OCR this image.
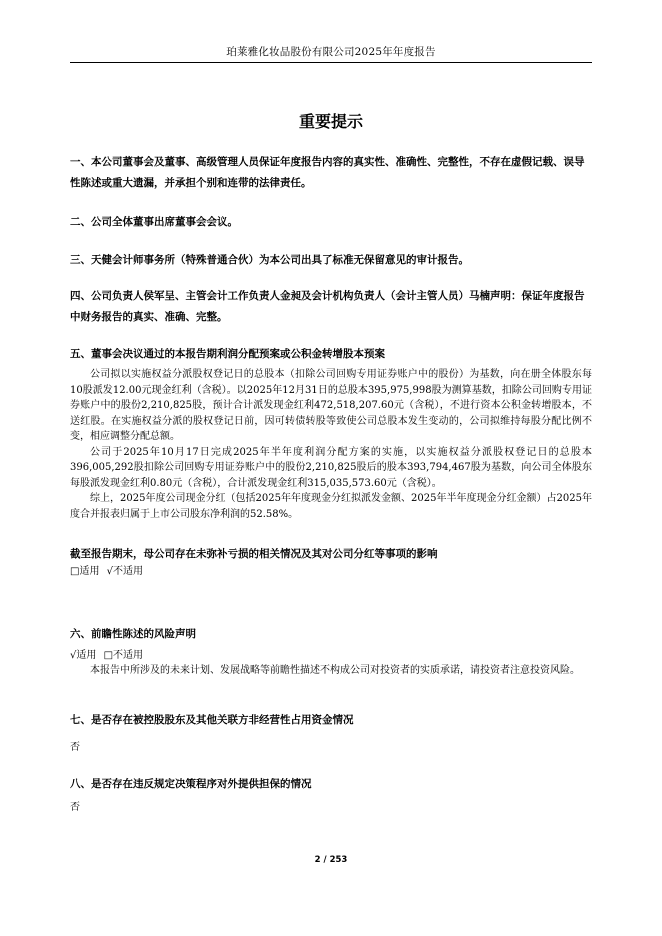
珀莱雅化妆品股份有限公司2025年年度报告
重要提示

一、本公司董事会及董事、高级管理人员保证年度报告内容的真实性、准确性、完整性，不存在虚假记载、误导性陈述或重大遗漏，并承担个别和连带的法律责任。

二、公司全体董事出席董事会会议。

三、天健会计师事务所（特殊普通合伙）为本公司出具了标准无保留意见的审计报告。

四、公司负责人侯军呈、主管会计工作负责人金昶及会计机构负责人（会计主管人员）马楠声明：保证年度报告中财务报告的真实、准确、完整。

五、董事会决议通过的本报告期利润分配预案或公积金转增股本预案

公司拟以实施权益分派股权登记日的总股本（扣除公司回购专用证券账户中的股份）为基数，向在册全体股东每10股派发12.00元现金红利（含税）。以2025年12月31日的总股本395,975,998股为测算基数，扣除公司回购专用证券账户中的股份2,210,825股，预计合计派发现金红利472,518,207.60元（含税），不进行资本公积金转增股本，不送红股。在实施权益分派的股权登记日前，因可转债转股等致使公司总股本发生变动的，公司拟维持每股分配比例不变，相应调整分配总额。

公司于2025年10月17日完成2025年半年度利润分配方案的实施，以实施权益分派股权登记日的总股本396,005,292股扣除公司回购专用证券账户中的股份2,210,825股后的股本393,794,467股为基数，向公司全体股东每股派发现金红利0.80元（含税），合计派发现金红利315,035,573.60元（含税）。

综上，2025年度公司现金分红（包括2025年年度现金分红拟派发金额、2025年半年度现金分红金额）占2025年度合并报表归属于上市公司股东净利润的52.58%。

截至报告期末，母公司存在未弥补亏损的相关情况及其对公司分红等事项的影响

□适用 √不适用

六、前瞻性陈述的风险声明

√适用 □不适用

本报告中所涉及的未来计划、发展战略等前瞻性描述不构成公司对投资者的实质承诺，请投资者注意投资风险。

七、是否存在被控股股东及其他关联方非经营性占用资金情况

否

八、是否存在违反规定决策程序对外提供担保的情况

否
2 / 253
